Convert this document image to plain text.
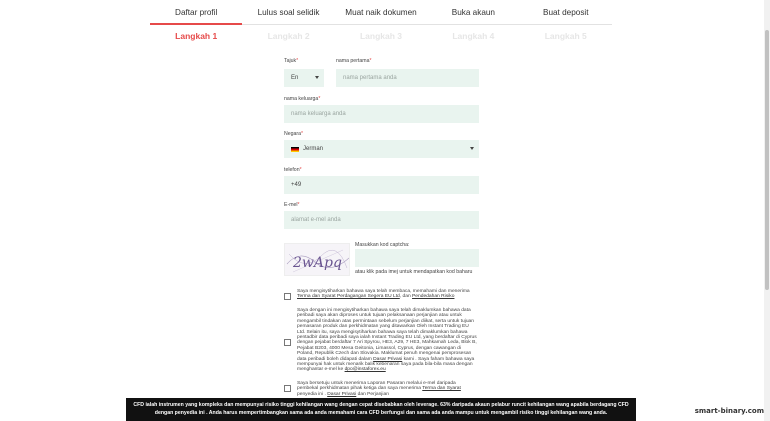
Daftar profil	Lulus soal selidik	Muat naik dokumen	Buka akaun	Buat deposit
Langkah 1	Langkah 2	Langkah 3	Langkah 4	Langkah 5
Tajuk*
En
nama pertama*
nama pertama anda
nama keluarga*
nama keluarga anda
Negara*
Jerman
telefon*
+49
E-mel*
alamat e-mel anda
2wApq
Masukkan kod captcha:
atau klik pada imej untuk mendapatkan kod baharu
Saya mengisytiharkan bahawa saya telah membaca, memahami dan menerima Terma dan Syarat Perdagangan Segera EU Ltd, dan Pendedahan Risiko
Saya dengan ini mengisytiharkan bahawa saya telah dimaklumkan bahawa data peribadi saya akan diproses untuk tujuan pelaksanaan perjanjian atau untuk mengambil tindakan atas permintaan sebelum perjanjian diikat, serta untuk tujuan pemasaran produk dan perkhidmatan yang ditawarkan Oleh Instant Trading EU Ltd. Selain itu, saya mengisytiharkan bahawa saya telah dimaklumkan bahawa pentadbir data peribadi saya ialah Instant Trading EU Ltd, yang berdaftar di Cyprus dengan pejabat berdaftar 7 Ari Spyrou, HE3, A29, 7 HE3, Mahkamah Leda, Blok B, Pejabat B203, 4000 Mesa Geitonia, Limassol, Cyprus, dengan cawangan di Poland, Republik Czech dan Slovakia. Maklumat penuh mengenai pemprosesan data peribadi boleh didapati dalam Dasar Privasi kami . Saya faham bahawa saya mempunyai hak untuk menarik balik kebenaran saya pada bila-bila masa dengan menghantar e-mel ke dpo@instaforex.eu
Saya bersetuju untuk menerima Laporan Pasaran melalui e-mel daripada pembekal perkhidmatan pihak ketiga dan saya menerima Terma dan Syarat penyedia ini . Dasar Privasi dan Perjanjian
CFD ialah instrumen yang kompleks dan mempunyai risiko tinggi kehilangan wang dengan cepat disebabkan oleh leverage. 63% daripada akaun pelabur runcit kehilangan wang apabila berdagang CFD dengan penyedia ini . Anda harus mempertimbangkan sama ada anda memahami cara CFD berfungsi dan sama ada anda mampu untuk mengambil risiko tinggi kehilangan wang anda.	smart-binary.com
